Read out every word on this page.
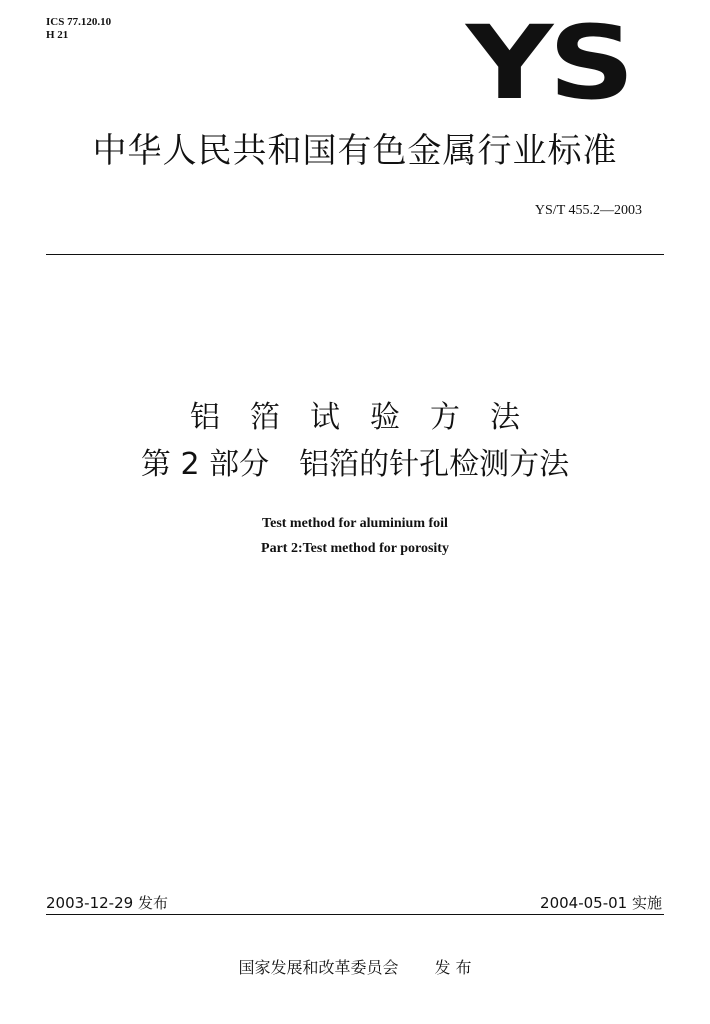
ICS 77.120.10
H 21	YS
中华人民共和国有色金属行业标准
YS/T 455.2—2003
铝　箔　试　验　方　法
第 2 部分　铝箔的针孔检测方法
Test method for aluminium foil
Part 2:Test method for porosity
2003-12-29 发布	2004-05-01 实施
国家发展和改革委员会 发 布
